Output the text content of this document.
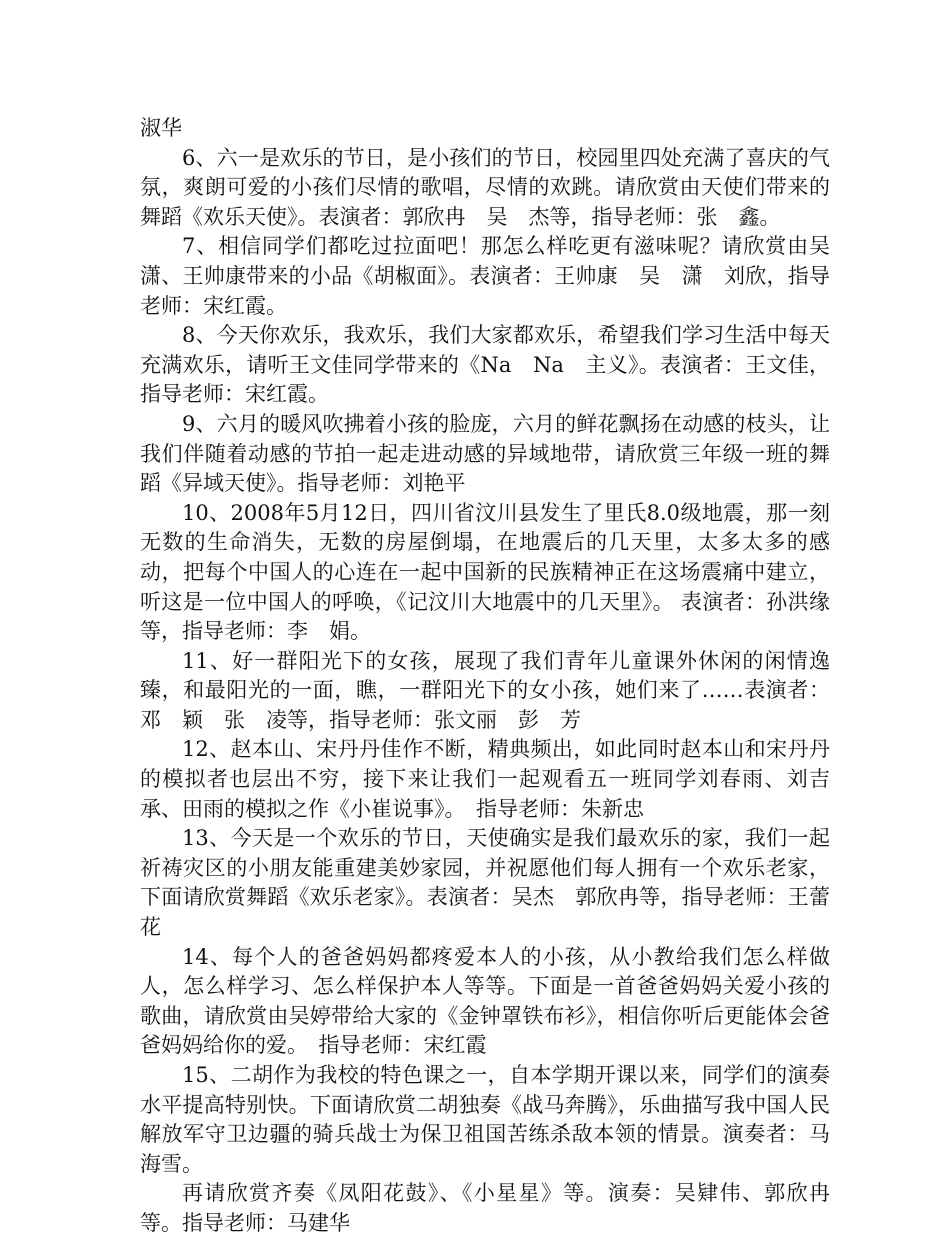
淑华

6、六一是欢乐的节日，是小孩们的节日，校园里四处充满了喜庆的气氛，爽朗可爱的小孩们尽情的歌唱，尽情的欢跳。请欣赏由天使们带来的舞蹈《欢乐天使》。表演者：郭欣冉　吴　杰等，指导老师：张　鑫。

7、相信同学们都吃过拉面吧！那怎么样吃更有滋味呢？请欣赏由吴潇、王帅康带来的小品《胡椒面》。表演者：王帅康　吴　潇　刘欣，指导老师：宋红霞。

8、今天你欢乐，我欢乐，我们大家都欢乐，希望我们学习生活中每天充满欢乐，请听王文佳同学带来的《Na　Na　主义》。表演者：王文佳，指导老师：宋红霞。

9、六月的暖风吹拂着小孩的脸庞，六月的鲜花飘扬在动感的枝头，让我们伴随着动感的节拍一起走进动感的异域地带，请欣赏三年级一班的舞蹈《异域天使》。指导老师：刘艳平

10、2008年5月12日，四川省汶川县发生了里氏8.0级地震，那一刻无数的生命消失，无数的房屋倒塌，在地震后的几天里，太多太多的感动，把每个中国人的心连在一起中国新的民族精神正在这场震痛中建立，听这是一位中国人的呼唤，《记汶川大地震中的几天里》。 表演者：孙洪缘等，指导老师：李　娟。

11、好一群阳光下的女孩，展现了我们青年儿童课外休闲的闲情逸臻，和最阳光的一面，瞧，一群阳光下的女小孩，她们来了……表演者：邓　颖　张　凌等，指导老师：张文丽　彭　芳

12、赵本山、宋丹丹佳作不断，精典频出，如此同时赵本山和宋丹丹的模拟者也层出不穷，接下来让我们一起观看五一班同学刘春雨、刘吉承、田雨的模拟之作《小崔说事》。　指导老师：朱新忠

13、今天是一个欢乐的节日，天使确实是我们最欢乐的家，我们一起祈祷灾区的小朋友能重建美妙家园，并祝愿他们每人拥有一个欢乐老家，下面请欣赏舞蹈《欢乐老家》。表演者：吴杰　郭欣冉等，指导老师：王蕾花

14、每个人的爸爸妈妈都疼爱本人的小孩，从小教给我们怎么样做人，怎么样学习、怎么样保护本人等等。下面是一首爸爸妈妈关爱小孩的歌曲，请欣赏由吴婷带给大家的《金钟罩铁布衫》，相信你听后更能体会爸爸妈妈给你的爱。　指导老师：宋红霞

15、二胡作为我校的特色课之一，自本学期开课以来，同学们的演奏水平提高特别快。下面请欣赏二胡独奏《战马奔腾》，乐曲描写我中国人民解放军守卫边疆的骑兵战士为保卫祖国苦练杀敌本领的情景。演奏者：马海雪。

再请欣赏齐奏《凤阳花鼓》、《小星星》等。演奏：吴肄伟、郭欣冉等。指导老师：马建华
